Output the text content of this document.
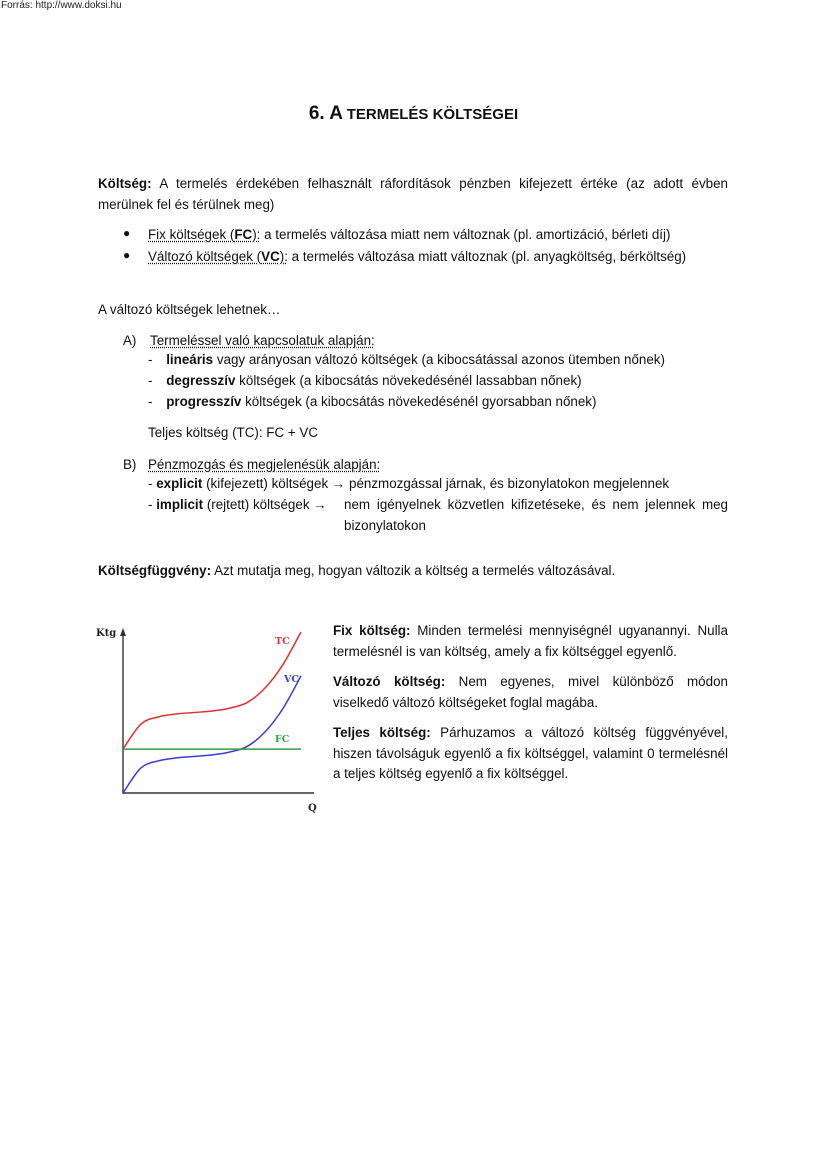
Forrás: http://www.doksi.hu
6. A TERMELÉS KÖLTSÉGEI
Költség: A termelés érdekében felhasznált ráfordítások pénzben kifejezett értéke (az adott évben merülnek fel és térülnek meg)
● Fix költségek (FC): a termelés változása miatt nem változnak (pl. amortizáció, bérleti díj)
● Változó költségek (VC): a termelés változása miatt változnak (pl. anyagköltség, bérköltség)
A változó költségek lehetnek…
A) Termeléssel való kapcsolatuk alapján:
- lineáris vagy arányosan változó költségek (a kibocsátással azonos ütemben nőnek)
- degresszív költségek (a kibocsátás növekedésénél lassabban nőnek)
- progresszív költségek (a kibocsátás növekedésénél gyorsabban nőnek)
Teljes költség (TC): FC + VC
B) Pénzmozgás és megjelenésük alapján:
- explicit (kifejezett) költségek → pénzmozgással járnak, és bizonylatokon megjelennek
- implicit (rejtett) költségek → nem igényelnek közvetlen kifizetéseke, és nem jelennek meg bizonylatokon
Költségfüggvény: Azt mutatja meg, hogyan változik a költség a termelés változásával.
Ktg
Q
TC
VC
FC
Fix költség: Minden termelési mennyiségnél ugyanannyi. Nulla termelésnél is van költség, amely a fix költséggel egyenlő.
Változó költség: Nem egyenes, mivel különböző módon viselkedő változó költségeket foglal magába.
Teljes költség: Párhuzamos a változó költség függvényével, hiszen távolságuk egyenlő a fix költséggel, valamint 0 termelésnél a teljes költség egyenlő a fix költséggel.
